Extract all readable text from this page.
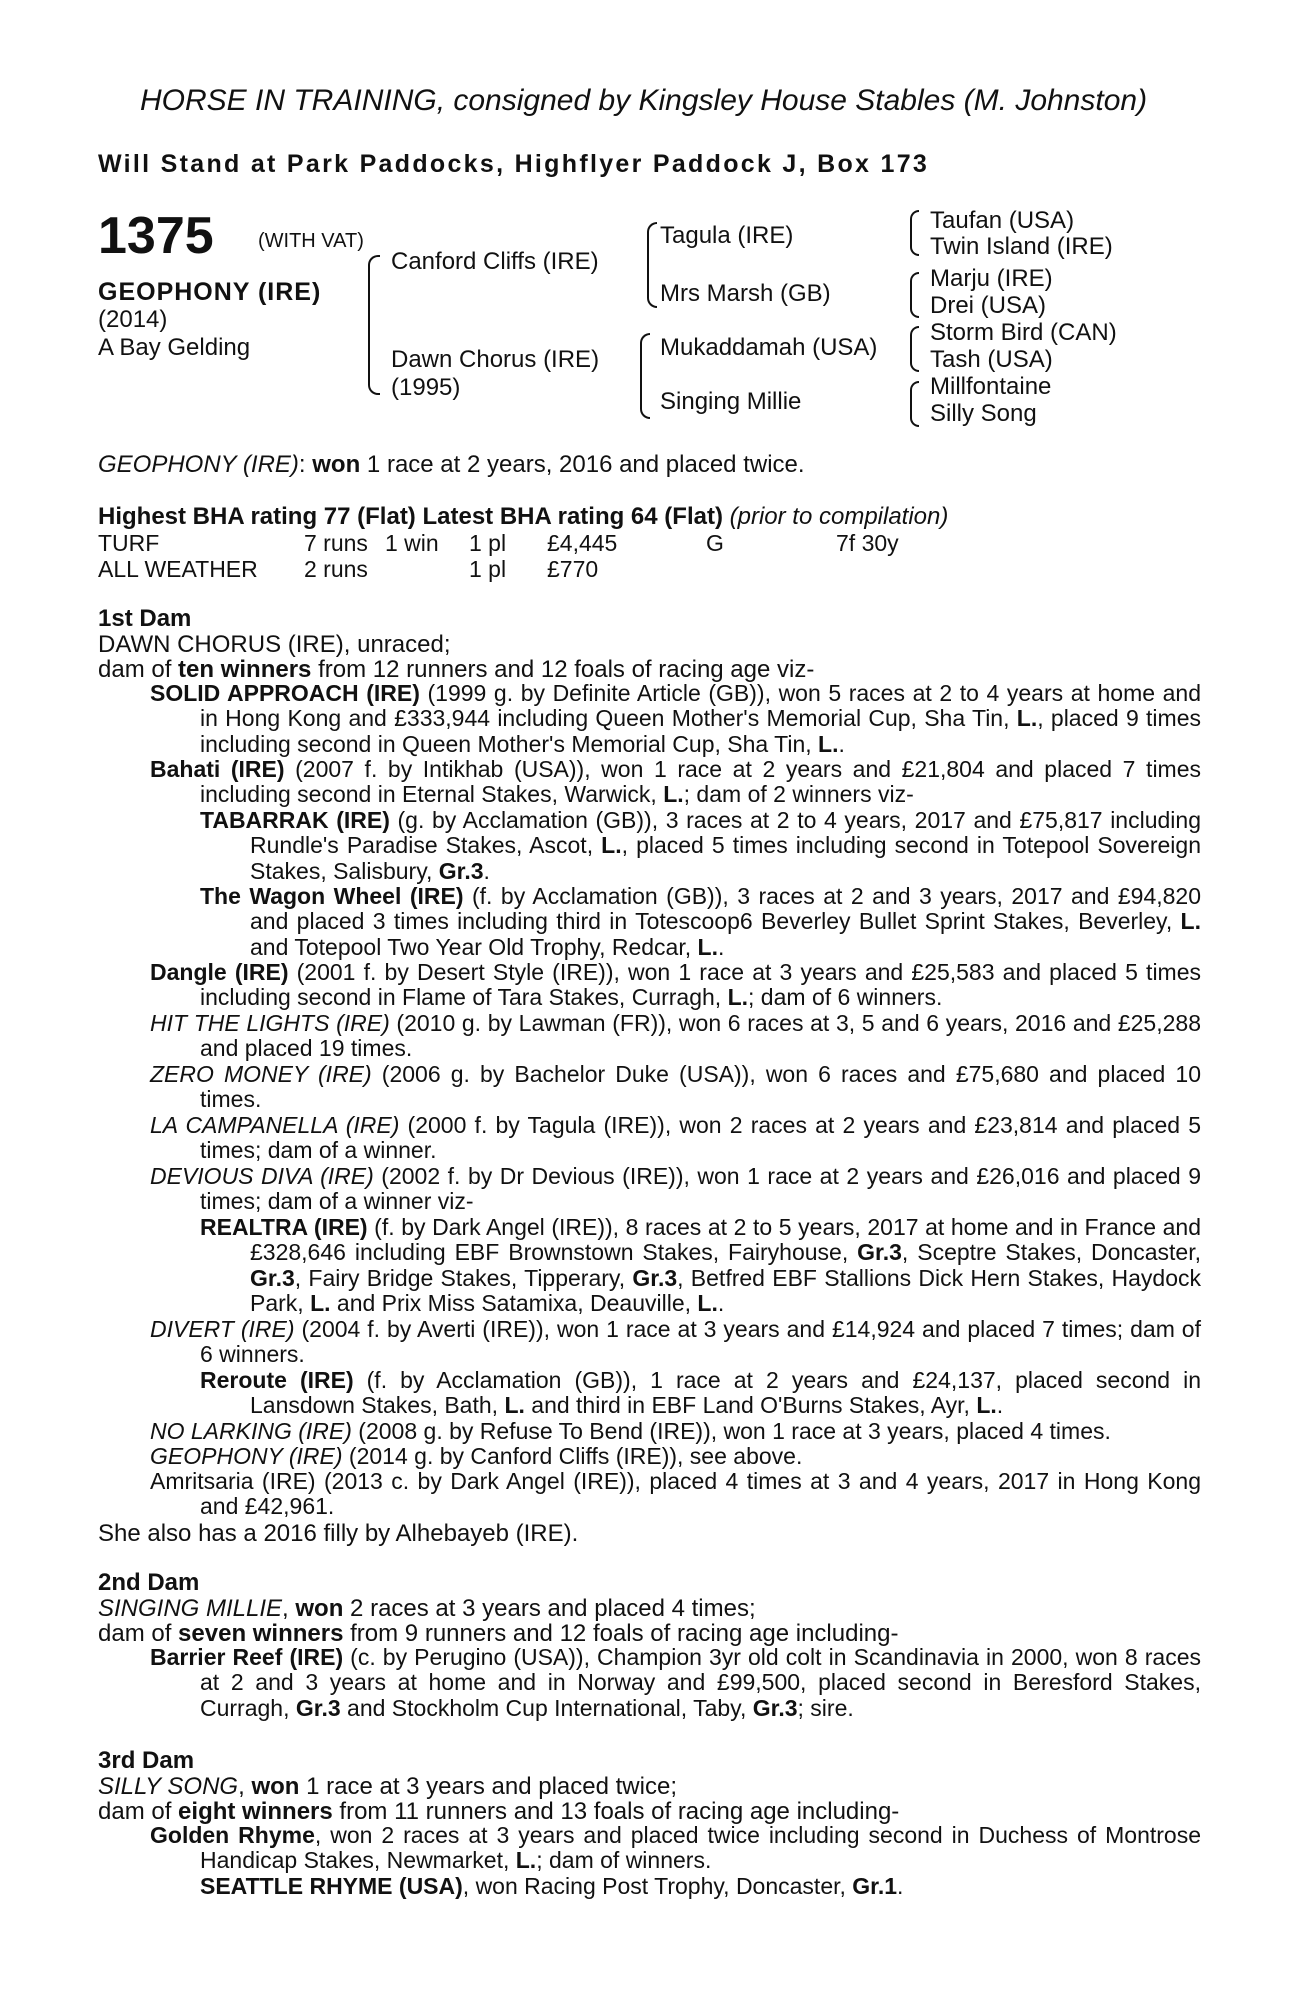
HORSE IN TRAINING, consigned by Kingsley House Stables (M. Johnston)
Will Stand at Park Paddocks, Highflyer Paddock J, Box 173
1375 (WITH VAT)
GEOPHONY (IRE)
(2014)
A Bay Gelding
Canford Cliffs (IRE)
Dawn Chorus (IRE)
(1995)
Tagula (IRE)
Mrs Marsh (GB)
Mukaddamah (USA)
Singing Millie
Taufan (USA)
Twin Island (IRE)
Marju (IRE)
Drei (USA)
Storm Bird (CAN)
Tash (USA)
Millfontaine
Silly Song
GEOPHONY (IRE): won 1 race at 2 years, 2016 and placed twice.
Highest BHA rating 77 (Flat) Latest BHA rating 64 (Flat) (prior to compilation)
TURF	7 runs 1 win 1 pl £4,445	G	7f 30y
ALL WEATHER 2 runs	1 pl £770
1st Dam
DAWN CHORUS (IRE), unraced;
dam of ten winners from 12 runners and 12 foals of racing age viz-

SOLID APPROACH (IRE) (1999 g. by Definite Article (GB)), won 5 races at 2 to 4 years at home and in Hong Kong and £333,944 including Queen Mother's Memorial Cup, Sha Tin, L., placed 9 times including second in Queen Mother's Memorial Cup, Sha Tin, L..

Bahati (IRE) (2007 f. by Intikhab (USA)), won 1 race at 2 years and £21,804 and placed 7 times including second in Eternal Stakes, Warwick, L.; dam of 2 winners viz-

TABARRAK (IRE) (g. by Acclamation (GB)), 3 races at 2 to 4 years, 2017 and £75,817 including Rundle's Paradise Stakes, Ascot, L., placed 5 times including second in Totepool Sovereign Stakes, Salisbury, Gr.3.

The Wagon Wheel (IRE) (f. by Acclamation (GB)), 3 races at 2 and 3 years, 2017 and £94,820 and placed 3 times including third in Totescoop6 Beverley Bullet Sprint Stakes, Beverley, L. and Totepool Two Year Old Trophy, Redcar, L..

Dangle (IRE) (2001 f. by Desert Style (IRE)), won 1 race at 3 years and £25,583 and placed 5 times including second in Flame of Tara Stakes, Curragh, L.; dam of 6 winners.

HIT THE LIGHTS (IRE) (2010 g. by Lawman (FR)), won 6 races at 3, 5 and 6 years, 2016 and £25,288 and placed 19 times.

ZERO MONEY (IRE) (2006 g. by Bachelor Duke (USA)), won 6 races and £75,680 and placed 10 times.

LA CAMPANELLA (IRE) (2000 f. by Tagula (IRE)), won 2 races at 2 years and £23,814 and placed 5 times; dam of a winner.

DEVIOUS DIVA (IRE) (2002 f. by Dr Devious (IRE)), won 1 race at 2 years and £26,016 and placed 9 times; dam of a winner viz-

REALTRA (IRE) (f. by Dark Angel (IRE)), 8 races at 2 to 5 years, 2017 at home and in France and £328,646 including EBF Brownstown Stakes, Fairyhouse, Gr.3, Sceptre Stakes, Doncaster, Gr.3, Fairy Bridge Stakes, Tipperary, Gr.3, Betfred EBF Stallions Dick Hern Stakes, Haydock Park, L. and Prix Miss Satamixa, Deauville, L..

DIVERT (IRE) (2004 f. by Averti (IRE)), won 1 race at 3 years and £14,924 and placed 7 times; dam of 6 winners.

Reroute (IRE) (f. by Acclamation (GB)), 1 race at 2 years and £24,137, placed second in Lansdown Stakes, Bath, L. and third in EBF Land O'Burns Stakes, Ayr, L..

NO LARKING (IRE) (2008 g. by Refuse To Bend (IRE)), won 1 race at 3 years, placed 4 times.
GEOPHONY (IRE) (2014 g. by Canford Cliffs (IRE)), see above.

Amritsaria (IRE) (2013 c. by Dark Angel (IRE)), placed 4 times at 3 and 4 years, 2017 in Hong Kong and £42,961.

She also has a 2016 filly by Alhebayeb (IRE).
2nd Dam
SINGING MILLIE, won 2 races at 3 years and placed 4 times;
dam of seven winners from 9 runners and 12 foals of racing age including-

Barrier Reef (IRE) (c. by Perugino (USA)), Champion 3yr old colt in Scandinavia in 2000, won 8 races at 2 and 3 years at home and in Norway and £99,500, placed second in Beresford Stakes, Curragh, Gr.3 and Stockholm Cup International, Taby, Gr.3; sire.

3rd Dam
SILLY SONG, won 1 race at 3 years and placed twice;
dam of eight winners from 11 runners and 13 foals of racing age including-

Golden Rhyme, won 2 races at 3 years and placed twice including second in Duchess of Montrose Handicap Stakes, Newmarket, L.; dam of winners.

SEATTLE RHYME (USA), won Racing Post Trophy, Doncaster, Gr.1.
